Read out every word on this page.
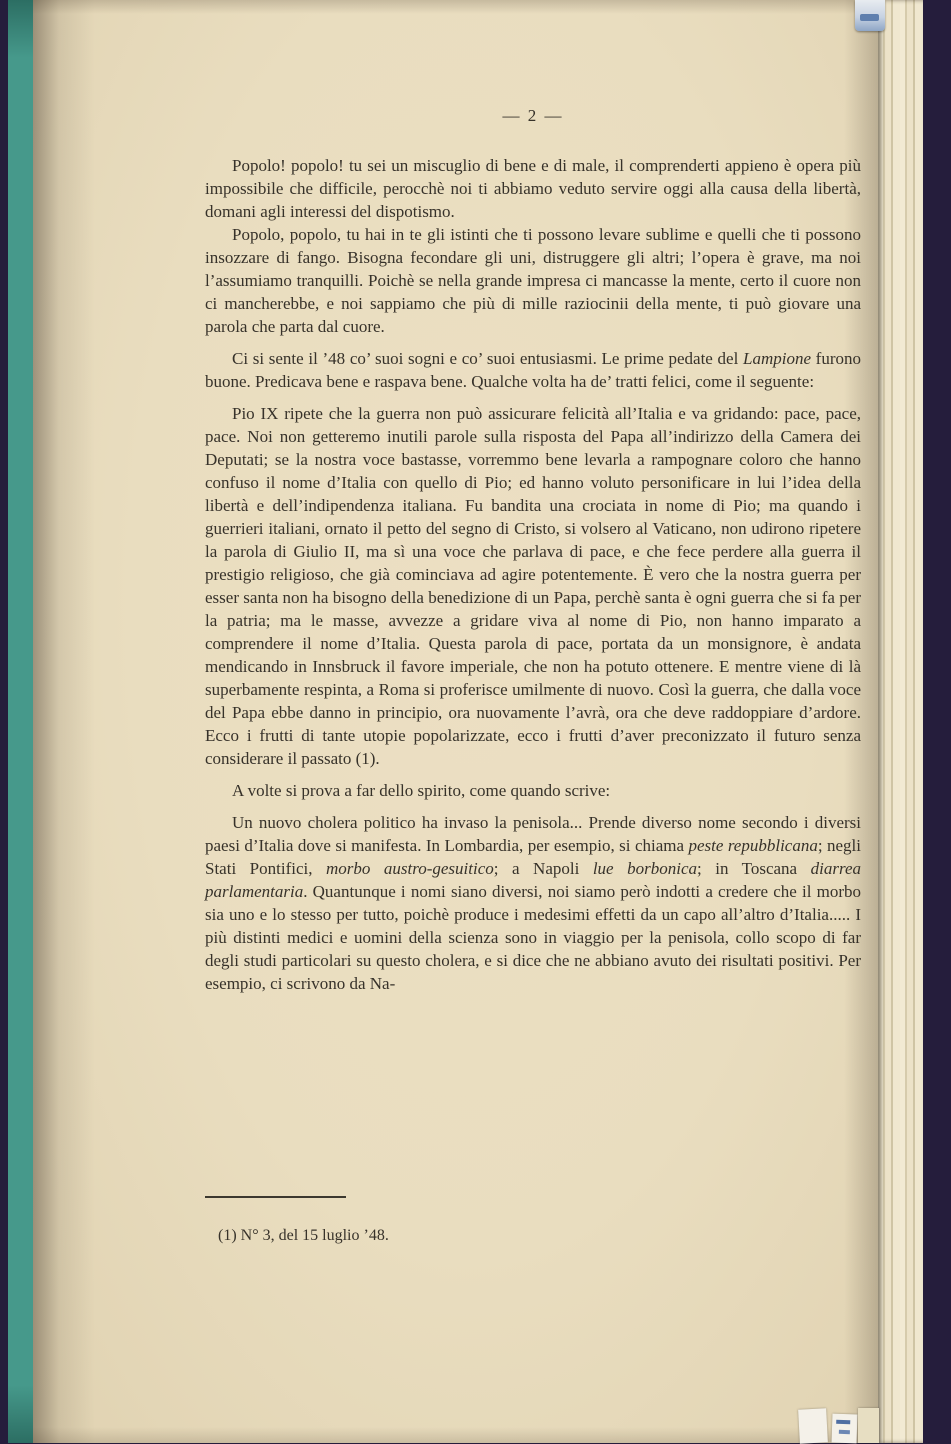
— 2 —

Popolo! popolo! tu sei un miscuglio di bene e di male, il comprenderti appieno è opera più impossibile che difficile, perocchè noi ti abbiamo veduto servire oggi alla causa della libertà, domani agli interessi del dispotismo.

Popolo, popolo, tu hai in te gli istinti che ti possono levare sublime e quelli che ti possono insozzare di fango. Bisogna fecondare gli uni, distruggere gli altri; l’opera è grave, ma noi l’assumiamo tranquilli. Poichè se nella grande impresa ci mancasse la mente, certo il cuore non ci mancherebbe, e noi sappiamo che più di mille raziocinii della mente, ti può giovare una parola che parta dal cuore.

Ci si sente il ’48 co’ suoi sogni e co’ suoi entusiasmi. Le prime pedate del Lampione furono buone. Predicava bene e raspava bene. Qualche volta ha de’ tratti felici, come il seguente:

Pio IX ripete che la guerra non può assicurare felicità all’Italia e va gridando: pace, pace, pace. Noi non getteremo inutili parole sulla risposta del Papa all’indirizzo della Camera dei Deputati; se la nostra voce bastasse, vorremmo bene levarla a rampognare coloro che hanno confuso il nome d’Italia con quello di Pio; ed hanno voluto personificare in lui l’idea della libertà e dell’indipendenza italiana. Fu bandita una crociata in nome di Pio; ma quando i guerrieri italiani, ornato il petto del segno di Cristo, si volsero al Vaticano, non udirono ripetere la parola di Giulio II, ma sì una voce che parlava di pace, e che fece perdere alla guerra il prestigio religioso, che già cominciava ad agire potentemente. È vero che la nostra guerra per esser santa non ha bisogno della benedizione di un Papa, perchè santa è ogni guerra che si fa per la patria; ma le masse, avvezze a gridare viva al nome di Pio, non hanno imparato a comprendere il nome d’Italia. Questa parola di pace, portata da un monsignore, è andata mendicando in Innsbruck il favore imperiale, che non ha potuto ottenere. E mentre viene di là superbamente respinta, a Roma si proferisce umilmente di nuovo. Così la guerra, che dalla voce del Papa ebbe danno in principio, ora nuovamente l’avrà, ora che deve raddoppiare d’ardore. Ecco i frutti di tante utopie popolarizzate, ecco i frutti d’aver preconizzato il futuro senza considerare il passato (1).

A volte si prova a far dello spirito, come quando scrive:

Un nuovo cholera politico ha invaso la penisola... Prende diverso nome secondo i diversi paesi d’Italia dove si manifesta. In Lombardia, per esempio, si chiama peste repubblicana; negli Stati Pontifici, morbo austro-gesuitico; a Napoli lue borbonica; in Toscana diarrea parlamentaria. Quantunque i nomi siano diversi, noi siamo però indotti a credere che il morbo sia uno e lo stesso per tutto, poichè produce i medesimi effetti da un capo all’altro d’Italia..... I più distinti medici e uomini della scienza sono in viaggio per la penisola, collo scopo di far degli studi particolari su questo cholera, e si dice che ne abbiano avuto dei risultati positivi. Per esempio, ci scrivono da Na-

(1) N° 3, del 15 luglio ’48.
